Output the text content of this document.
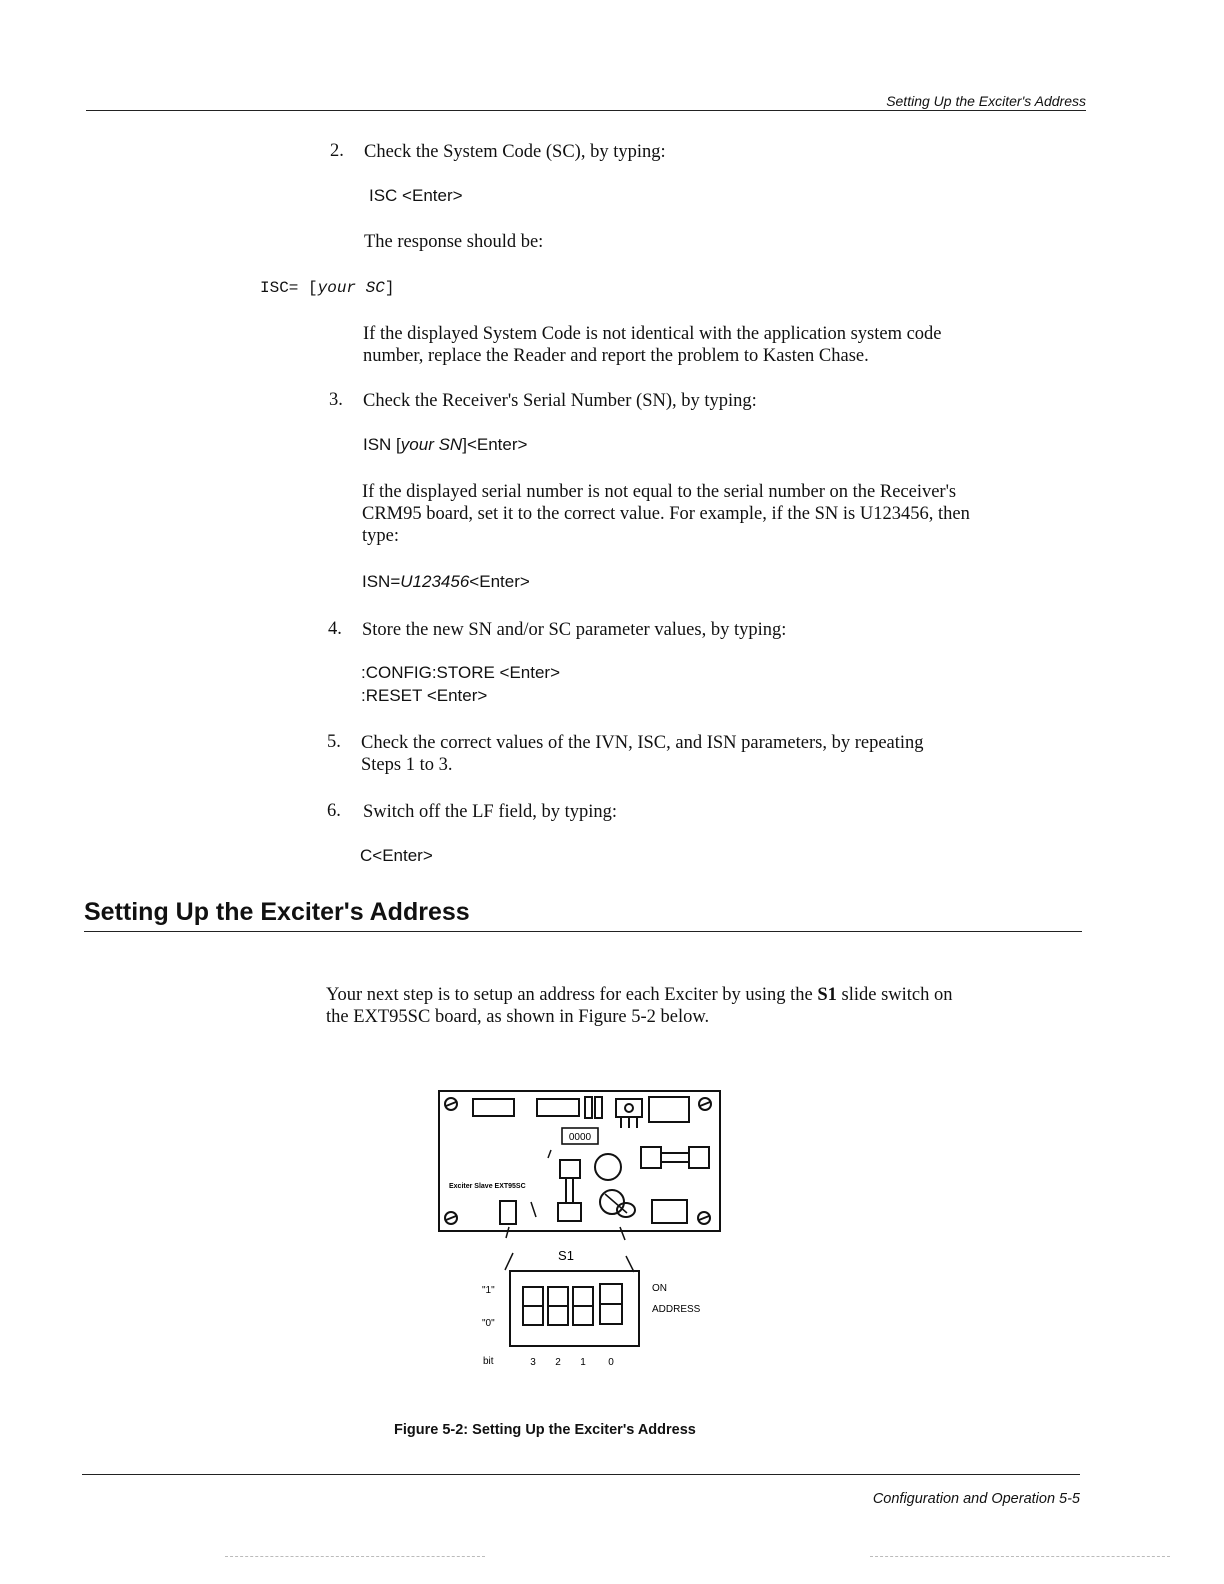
Setting Up the Exciter's Address
2. Check the System Code (SC), by typing:
ISC <Enter>
The response should be:
ISC= [your SC]
If the displayed System Code is not identical with the application system code
number, replace the Reader and report the problem to Kasten Chase.
3. Check the Receiver's Serial Number (SN), by typing:
ISN [your SN]<Enter>
If the displayed serial number is not equal to the serial number on the Receiver's
CRM95 board, set it to the correct value. For example, if the SN is U123456, then
type:
ISN=U123456<Enter>
4. Store the new SN and/or SC parameter values, by typing:
:CONFIG:STORE <Enter>
:RESET <Enter>
5. Check the correct values of the IVN, ISC, and ISN parameters, by repeating
Steps 1 to 3.
6. Switch off the LF field, by typing:
C<Enter>
Setting Up the Exciter's Address
Your next step is to setup an address for each Exciter by using the S1 slide switch on
the EXT95SC board, as shown in Figure 5-2 below.
0000
Exciter Slave EXT95SC
S1
"1"
"0"
ON
ADDRESS
bit	3 2 1 0
Figure 5-2: Setting Up the Exciter's Address
Configuration and Operation 5-5
